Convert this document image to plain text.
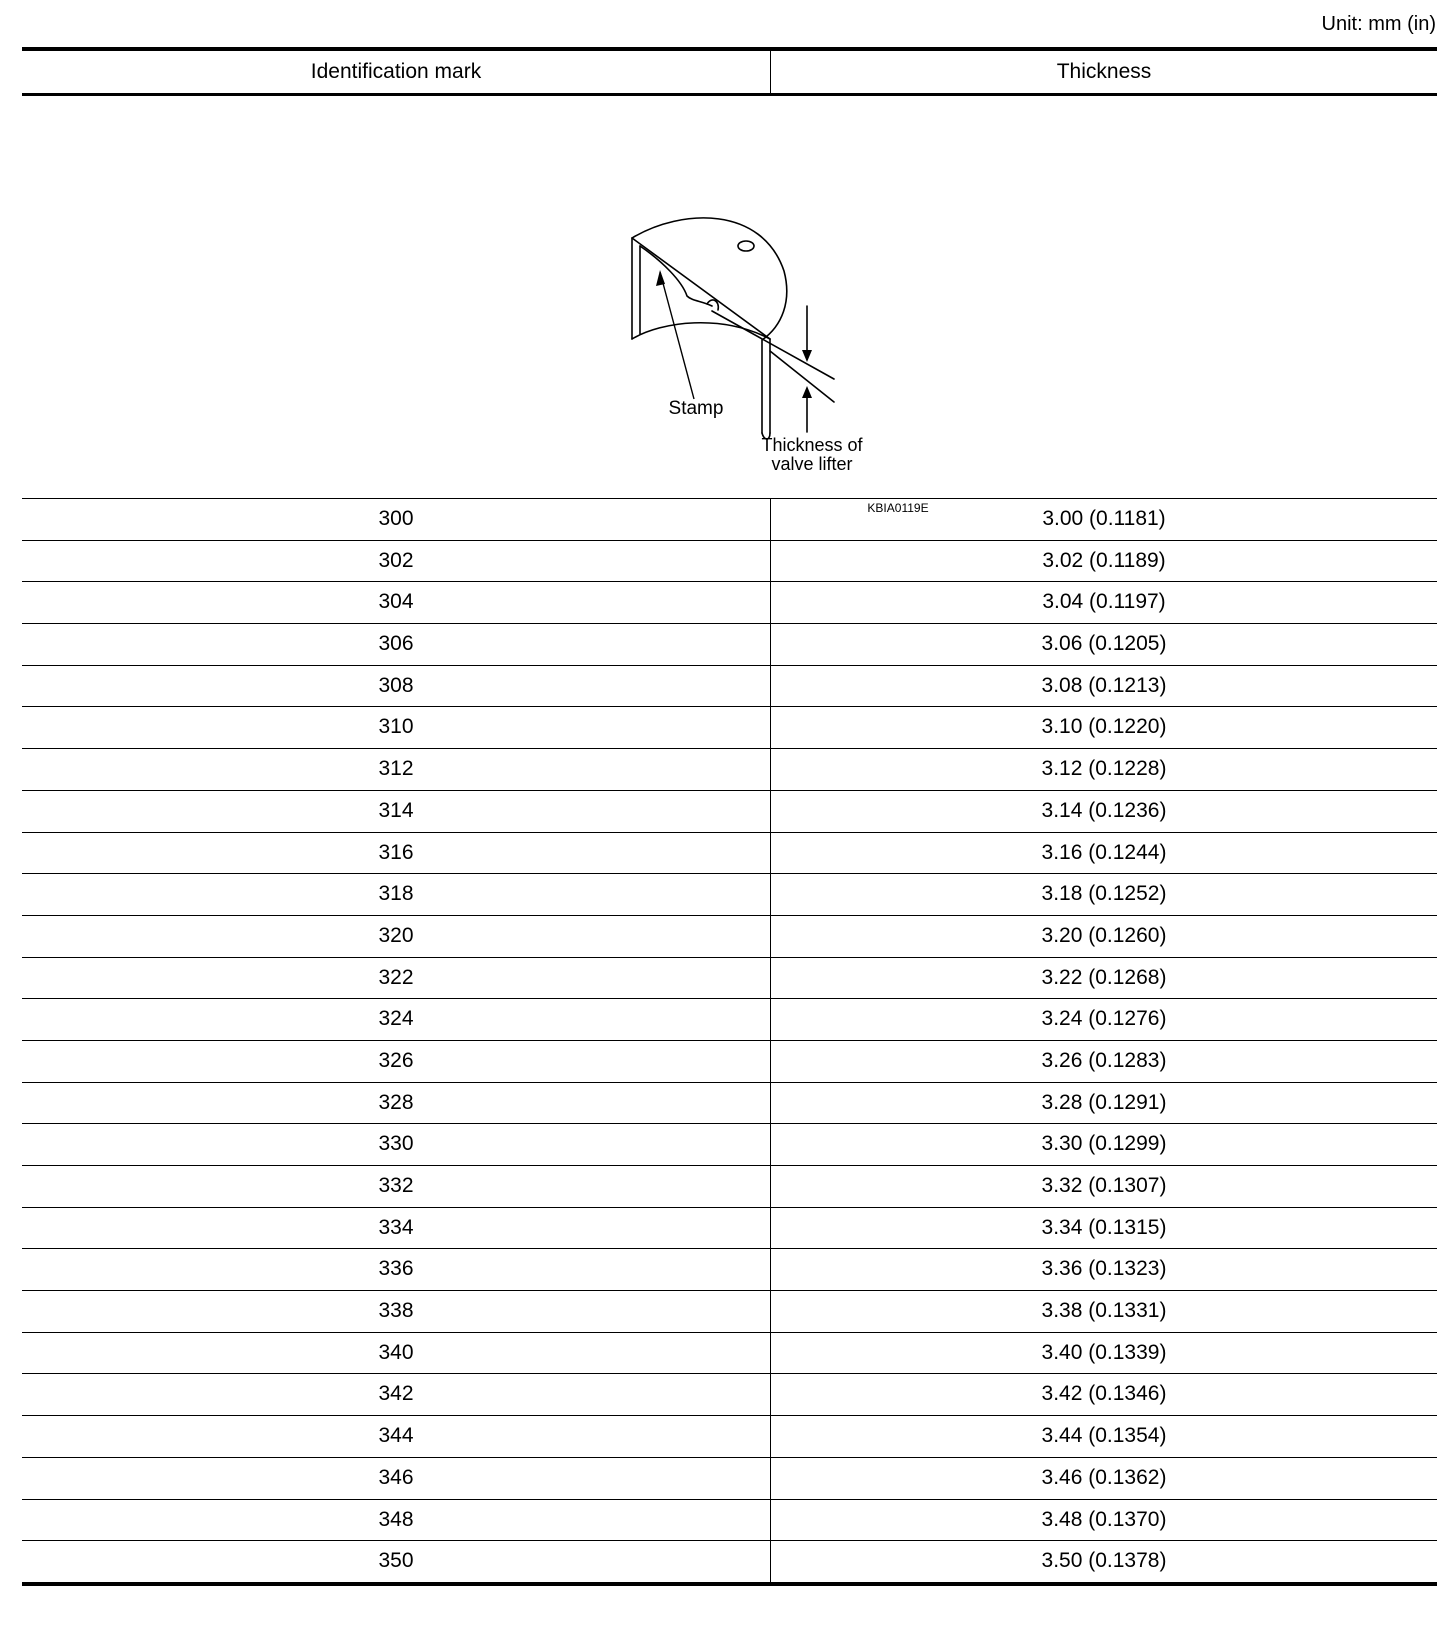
Unit: mm (in)
Identification mark	Thickness
Stamp
Thickness of
valve lifter
KBIA0119E
300	3.00 (0.1181)
302	3.02 (0.1189)
304	3.04 (0.1197)
306	3.06 (0.1205)
308	3.08 (0.1213)
310	3.10 (0.1220)
312	3.12 (0.1228)
314	3.14 (0.1236)
316	3.16 (0.1244)
318	3.18 (0.1252)
320	3.20 (0.1260)
322	3.22 (0.1268)
324	3.24 (0.1276)
326	3.26 (0.1283)
328	3.28 (0.1291)
330	3.30 (0.1299)
332	3.32 (0.1307)
334	3.34 (0.1315)
336	3.36 (0.1323)
338	3.38 (0.1331)
340	3.40 (0.1339)
342	3.42 (0.1346)
344	3.44 (0.1354)
346	3.46 (0.1362)
348	3.48 (0.1370)
350	3.50 (0.1378)
